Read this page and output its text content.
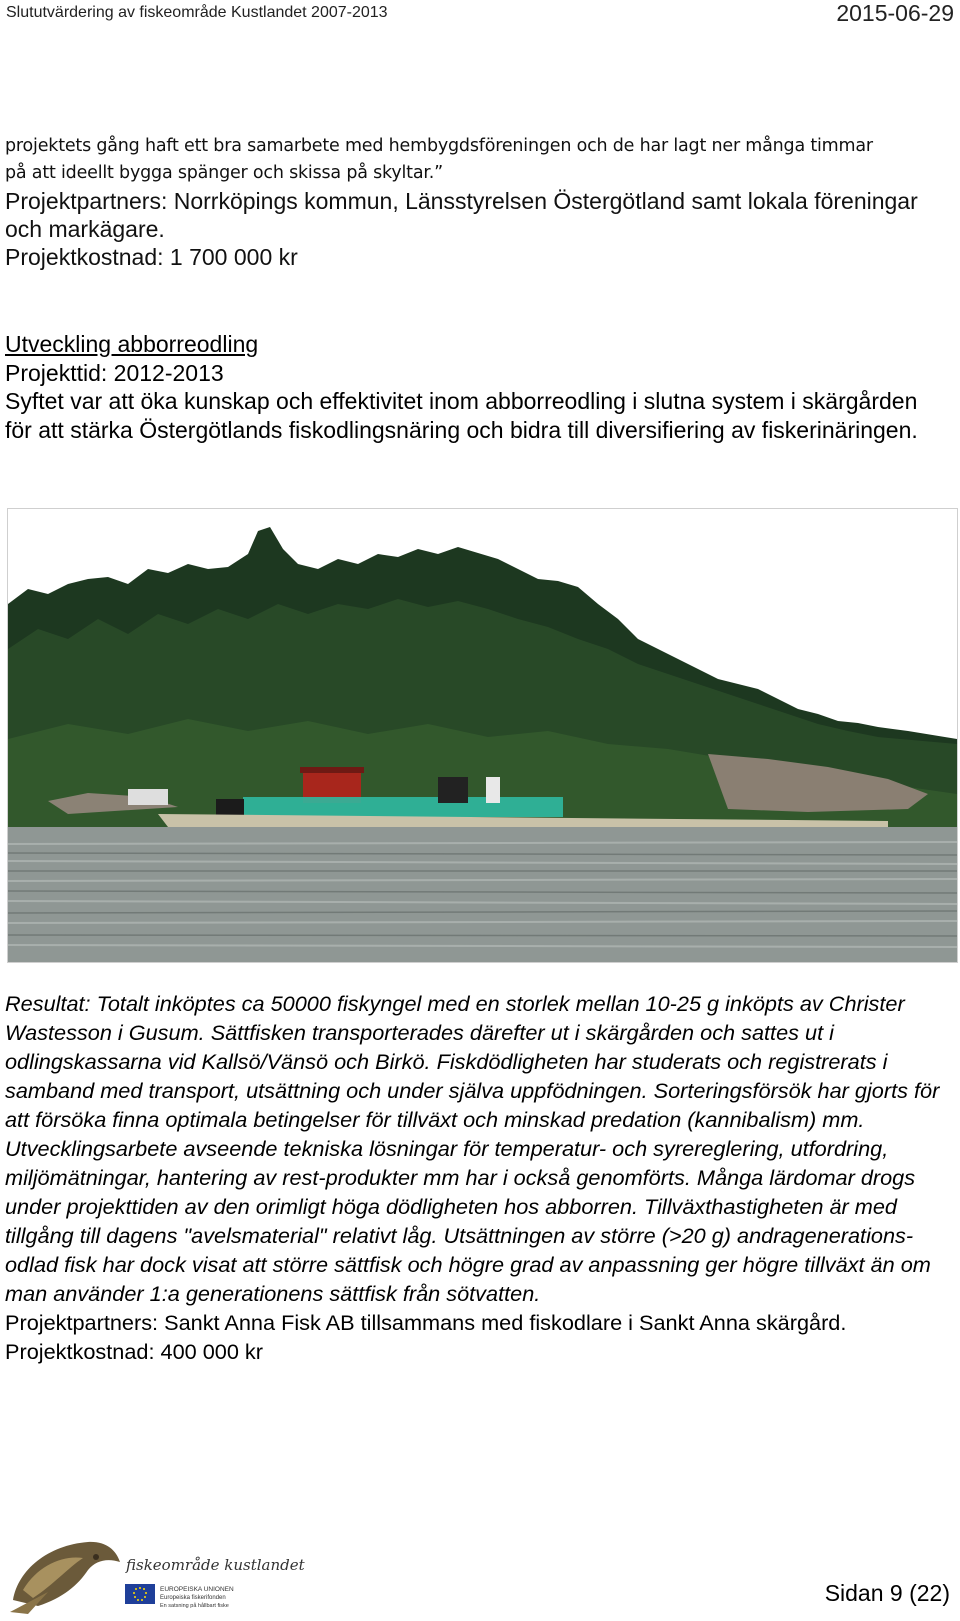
Slututvärdering av fiskeområde Kustlandet 2007-2013	2015-06-29
projektets gång haft ett bra samarbete med hembygdsföreningen och de har lagt ner många timmar
på att ideellt bygga spänger och skissa på skyltar.”
Projektpartners: Norrköpings kommun, Länsstyrelsen Östergötland samt lokala föreningar och markägare.
Projektkostnad: 1 700 000 kr
Utveckling abborreodling
Projekttid: 2012-2013
Syftet var att öka kunskap och effektivitet inom abborreodling i slutna system i skärgården för att stärka Östergötlands fiskodlingsnäring och bidra till diversifiering av fiskerinäringen.
Resultat: Totalt inköptes ca 50000 fiskyngel med en storlek mellan 10-25 g inköpts av Christer Wastesson i Gusum. Sättfisken transporterades därefter ut i skärgården och sattes ut i odlingskassarna vid Kallsö/Vänsö och Birkö. Fiskdödligheten har studerats och registrerats i samband med transport, utsättning och under själva uppfödningen. Sorteringsförsök har gjorts för att försöka finna optimala betingelser för tillväxt och minskad predation (kannibalism) mm. Utvecklingsarbete avseende tekniska lösningar för temperatur- och syrereglering, utfordring, miljömätningar, hantering av rest-produkter mm har i också genomförts. Många lärdomar drogs under projekttiden av den orimligt höga dödligheten hos abborren. Tillväxthastigheten är med tillgång till dagens "avelsmaterial" relativt låg. Utsättningen av större (>20 g) andragenerations-odlad fisk har dock visat att större sättfisk och högre grad av anpassning ger högre tillväxt än om man använder 1:a generationens sättfisk från sötvatten.
Projektpartners: Sankt Anna Fisk AB tillsammans med fiskodlare i Sankt Anna skärgård.
Projektkostnad: 400 000 kr
fiskeområde kustlandet
EUROPEISKA UNIONEN
Europeiska fiskerifonden
En satsning på hållbart fiske	Sidan 9 (22)
